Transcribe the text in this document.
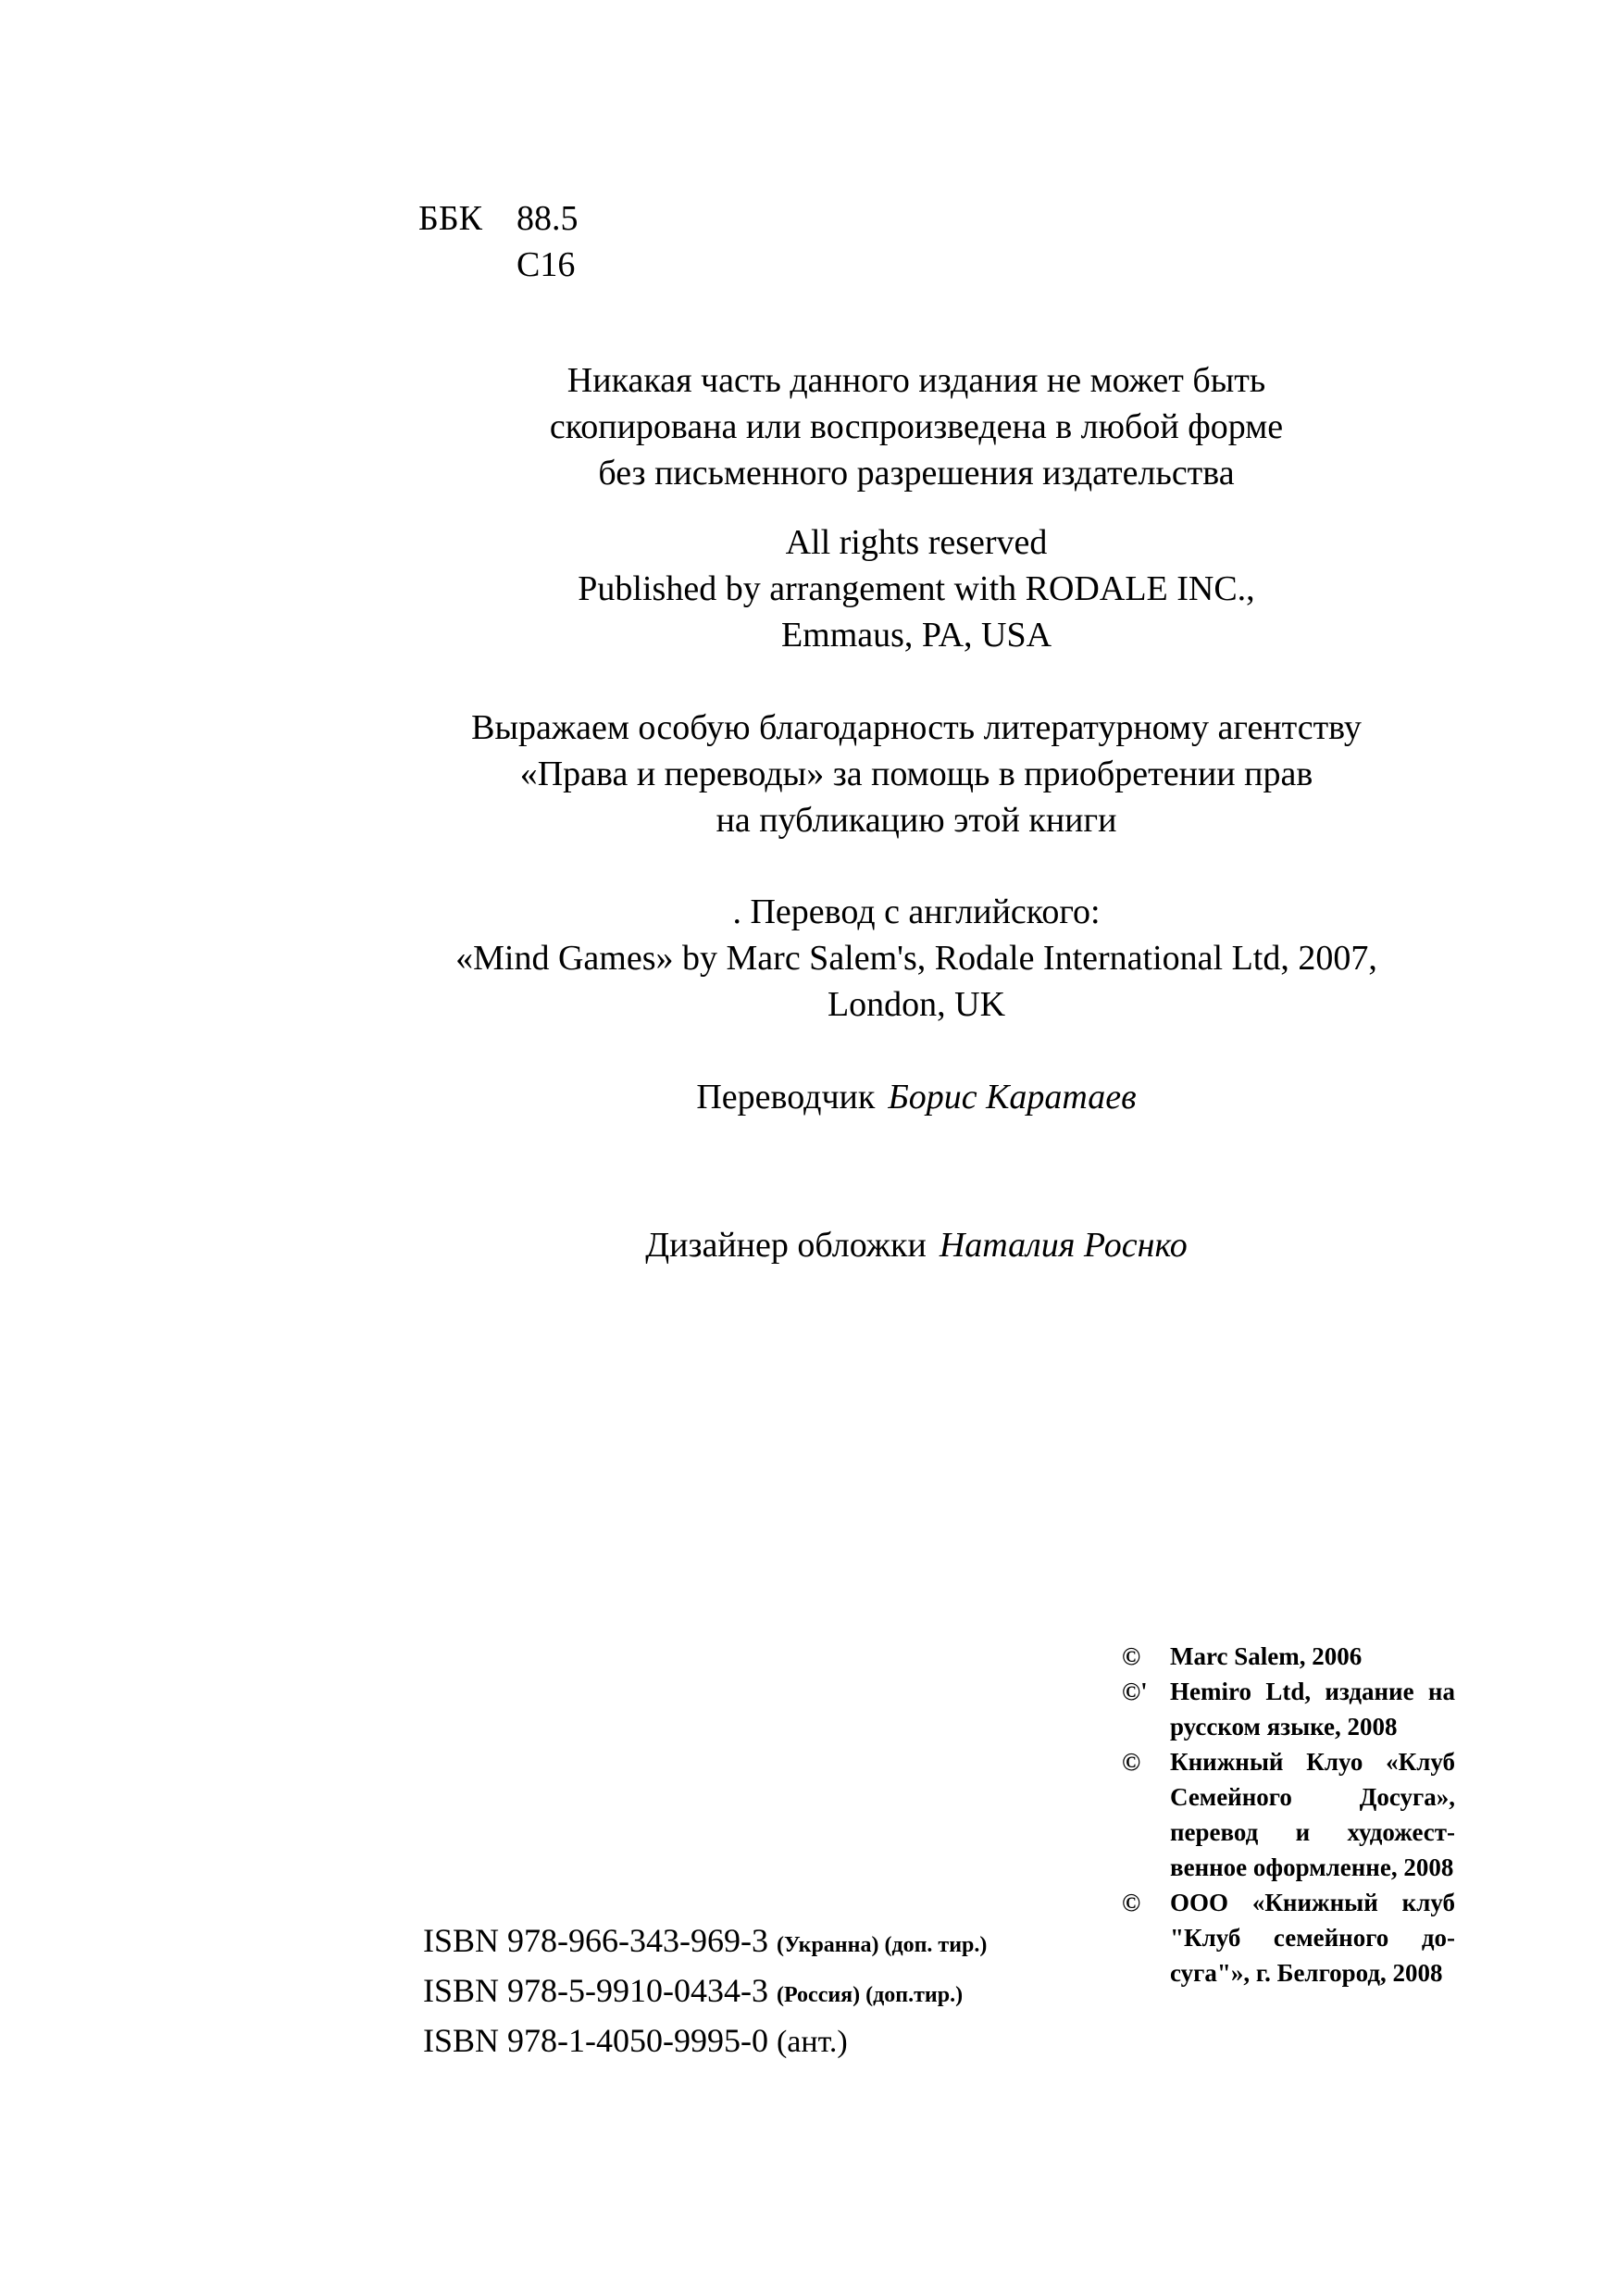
ББК 88.5
С16
Никакая часть данного издания не может быть
скопирована или воспроизведена в любой форме
без письменного разрешения издательства
All rights reserved
Published by arrangement with RODALE INC.,
Emmaus, PA, USA
Выражаем особую благодарность литературному агентству
«Права и переводы» за помощь в приобретении прав
на публикацию этой книги
. Перевод с английского:
«Mind Games» by Marc Salem's, Rodale International Ltd, 2007,
London, UK
Переводчик Борис Каратаев
Дизайнер обложки Наталия Роснко
©	Marc Salem, 2006
©' Hemiro Ltd, издание на русском языке, 2008
©	Книжный Клуо «Клуб Семейного Досуга», перевод и художест-венное оформленне, 2008
©	ООО «Книжный клуб "Клуб семейного до-суга"», г. Белгород, 2008
ISBN 978-966-343-969-3 (Укранна) (доп. тир.)
ISBN 978-5-9910-0434-3 (Россия) (доп.тир.)
ISBN 978-1-4050-9995-0 (ант.)
